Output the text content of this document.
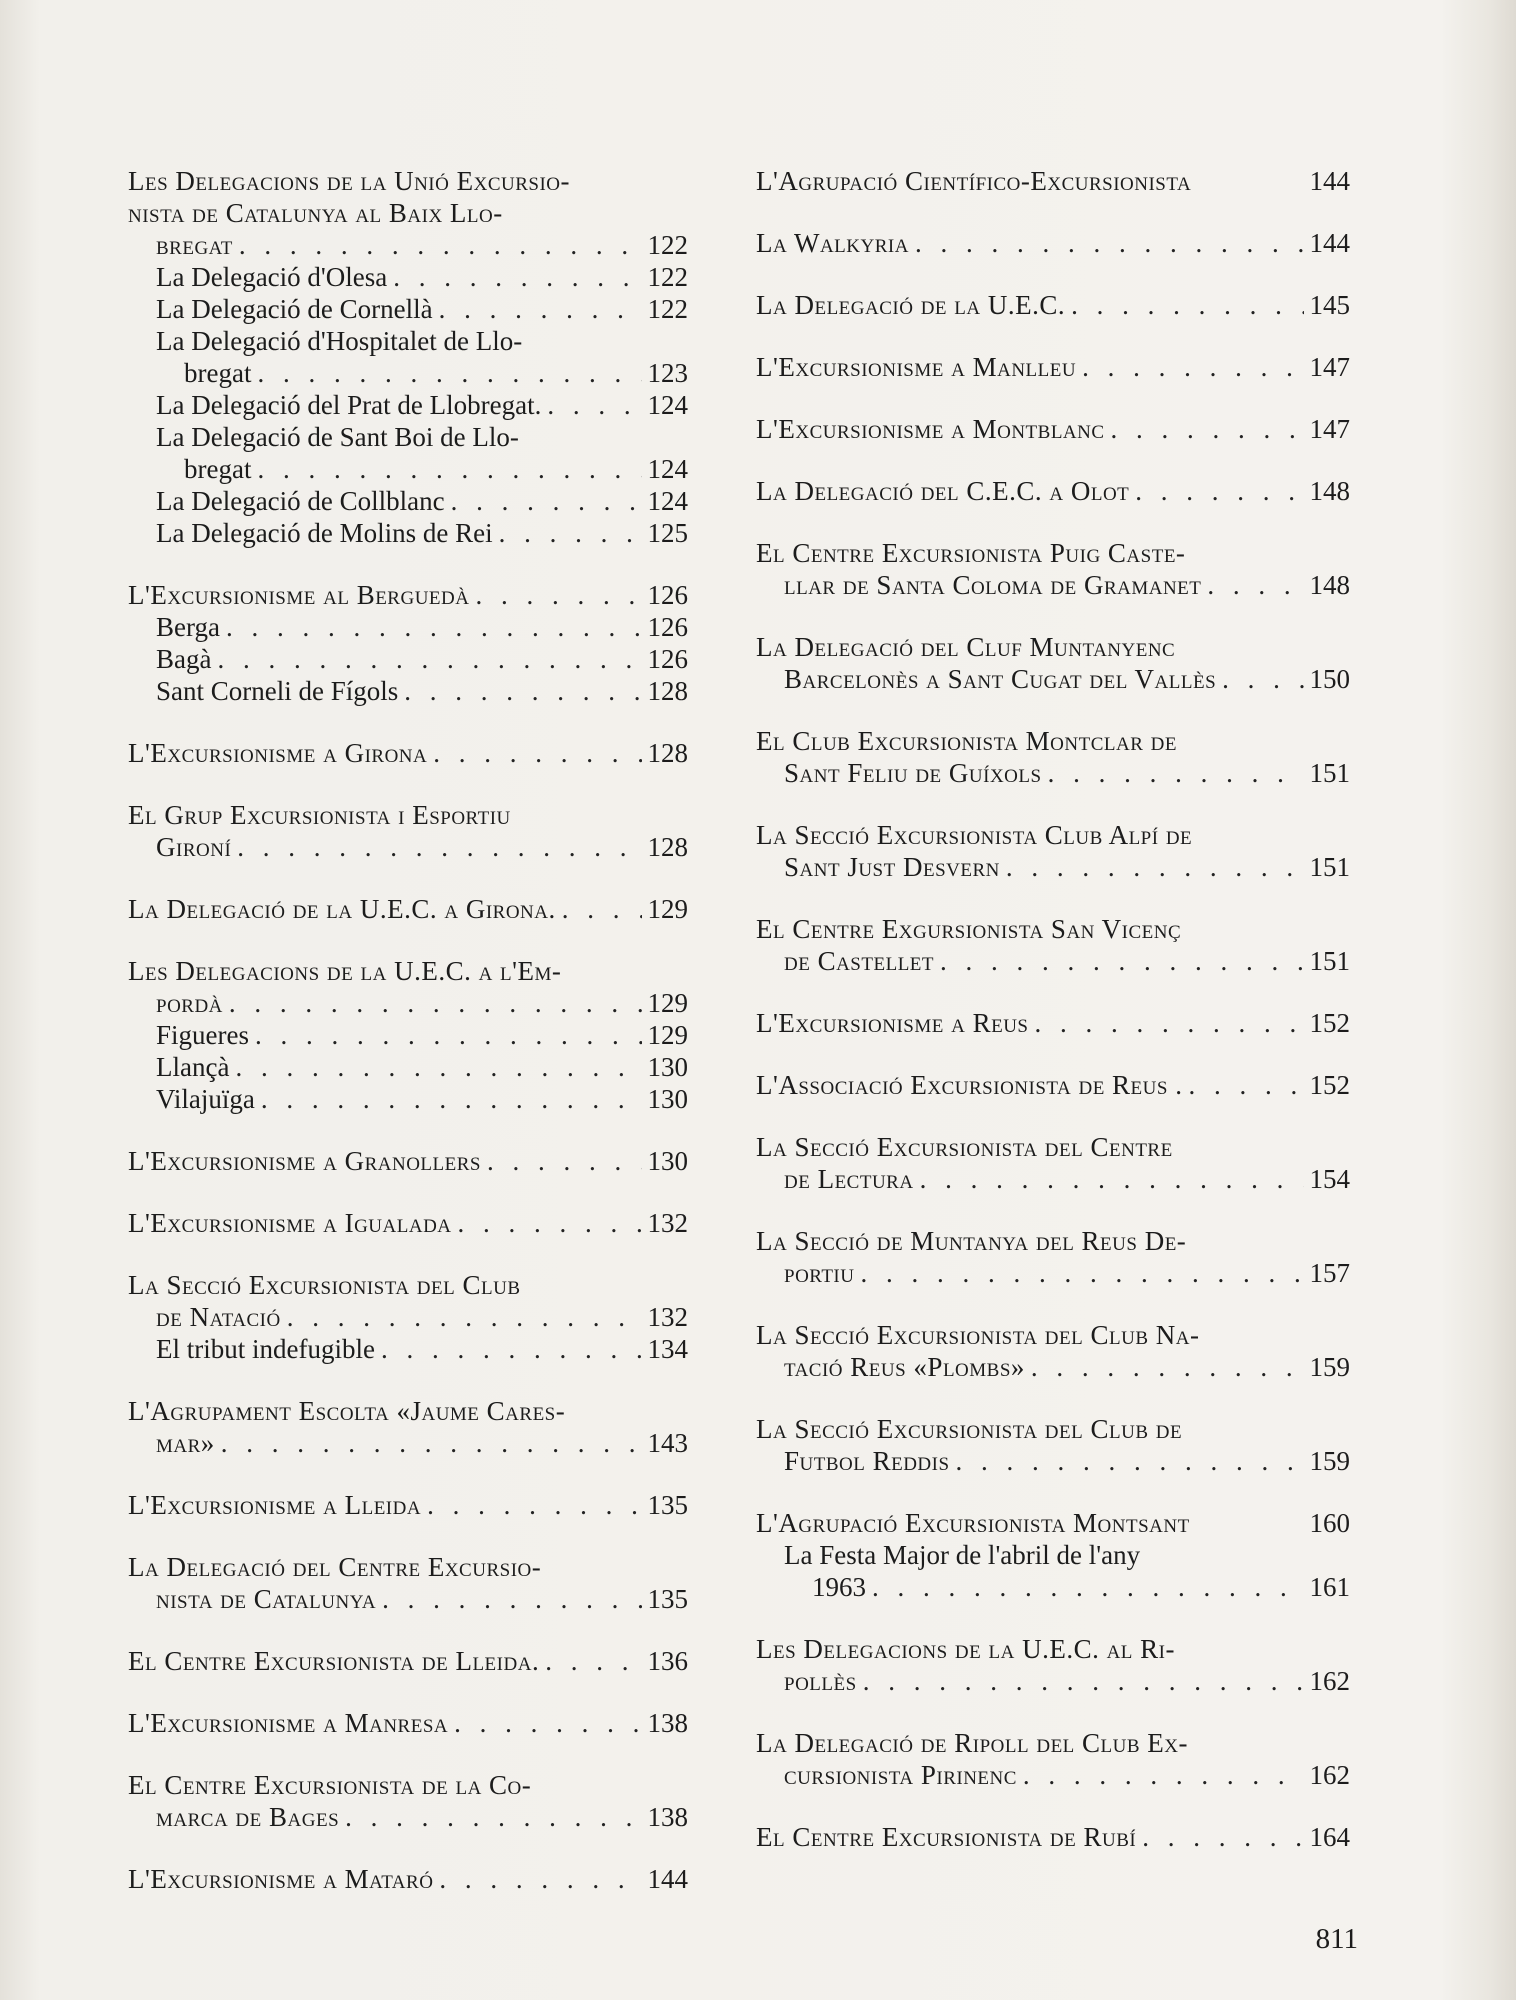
Les Delegacions de la Unió Excursio-
nista de Catalunya al Baix Llo-
bregat . . .	122
La Delegació d'Olesa . . .	122
La Delegació de Cornellà . . .	122
La Delegació d'Hospitalet de Llo-
bregat . . .	123
La Delegació del Prat de Llobregat. . . .	124
La Delegació de Sant Boi de Llo-
bregat . . .	124
La Delegació de Collblanc . . .	124
La Delegació de Molins de Rei . . .	125
L'Excursionisme al Berguedà . . .	126
Berga . . .	126
Bagà . . .	126
Sant Corneli de Fígols . . .	128
L'Excursionisme a Girona . . .	128
El Grup Excursionista i Esportiu
Gironí . . .	128
La Delegació de la U.E.C. a Girona. . . .	129
Les Delegacions de la U.E.C. a l'Em-
pordà . . .	129
Figueres . . .	129
Llançà . . .	130
Vilajuïga . . .	130
L'Excursionisme a Granollers . . .	130
L'Excursionisme a Igualada . . .	132
La Secció Excursionista del Club
de Natació . . .	132
El tribut indefugible . . .	134
L'Agrupament Escolta «Jaume Cares-
mar» . . .	143
L'Excursionisme a Lleida . . .	135
La Delegació del Centre Excursio-
nista de Catalunya . . .	135
El Centre Excursionista de Lleida. . . .	136
L'Excursionisme a Manresa . . .	138
El Centre Excursionista de la Co-
marca de Bages . . .	138
L'Excursionisme a Mataró . . .	144
L'Agrupació Científico-Excursionista	144
La Walkyria . . .	144
La Delegació de la U.E.C. . . .	145
L'Excursionisme a Manlleu . . .	147
L'Excursionisme a Montblanc . . .	147
La Delegació del C.E.C. a Olot . . .	148
El Centre Excursionista Puig Caste-
llar de Santa Coloma de Gramanet . . .	148
La Delegació del Cluf Muntanyenc
Barcelonès a Sant Cugat del Vallès . . .	150
El Club Excursionista Montclar de
Sant Feliu de Guíxols . . .	151
La Secció Excursionista Club Alpí de
Sant Just Desvern . . .	151
El Centre Exgursionista San Vicenç
de Castellet . . .	151
L'Excursionisme a Reus . . .	152
L'Associació Excursionista de Reus . . . .	152
La Secció Excursionista del Centre
de Lectura . . .	154
La Secció de Muntanya del Reus De-
portiu . . .	157
La Secció Excursionista del Club Na-
tació Reus «Plombs» . . .	159
La Secció Excursionista del Club de
Futbol Reddis . . .	159
L'Agrupació Excursionista Montsant	160
La Festa Major de l'abril de l'any
1963 . . .	161
Les Delegacions de la U.E.C. al Ri-
pollès . . .	162
La Delegació de Ripoll del Club Ex-
cursionista Pirinenc . . .	162
El Centre Excursionista de Rubí . . .	164
811
